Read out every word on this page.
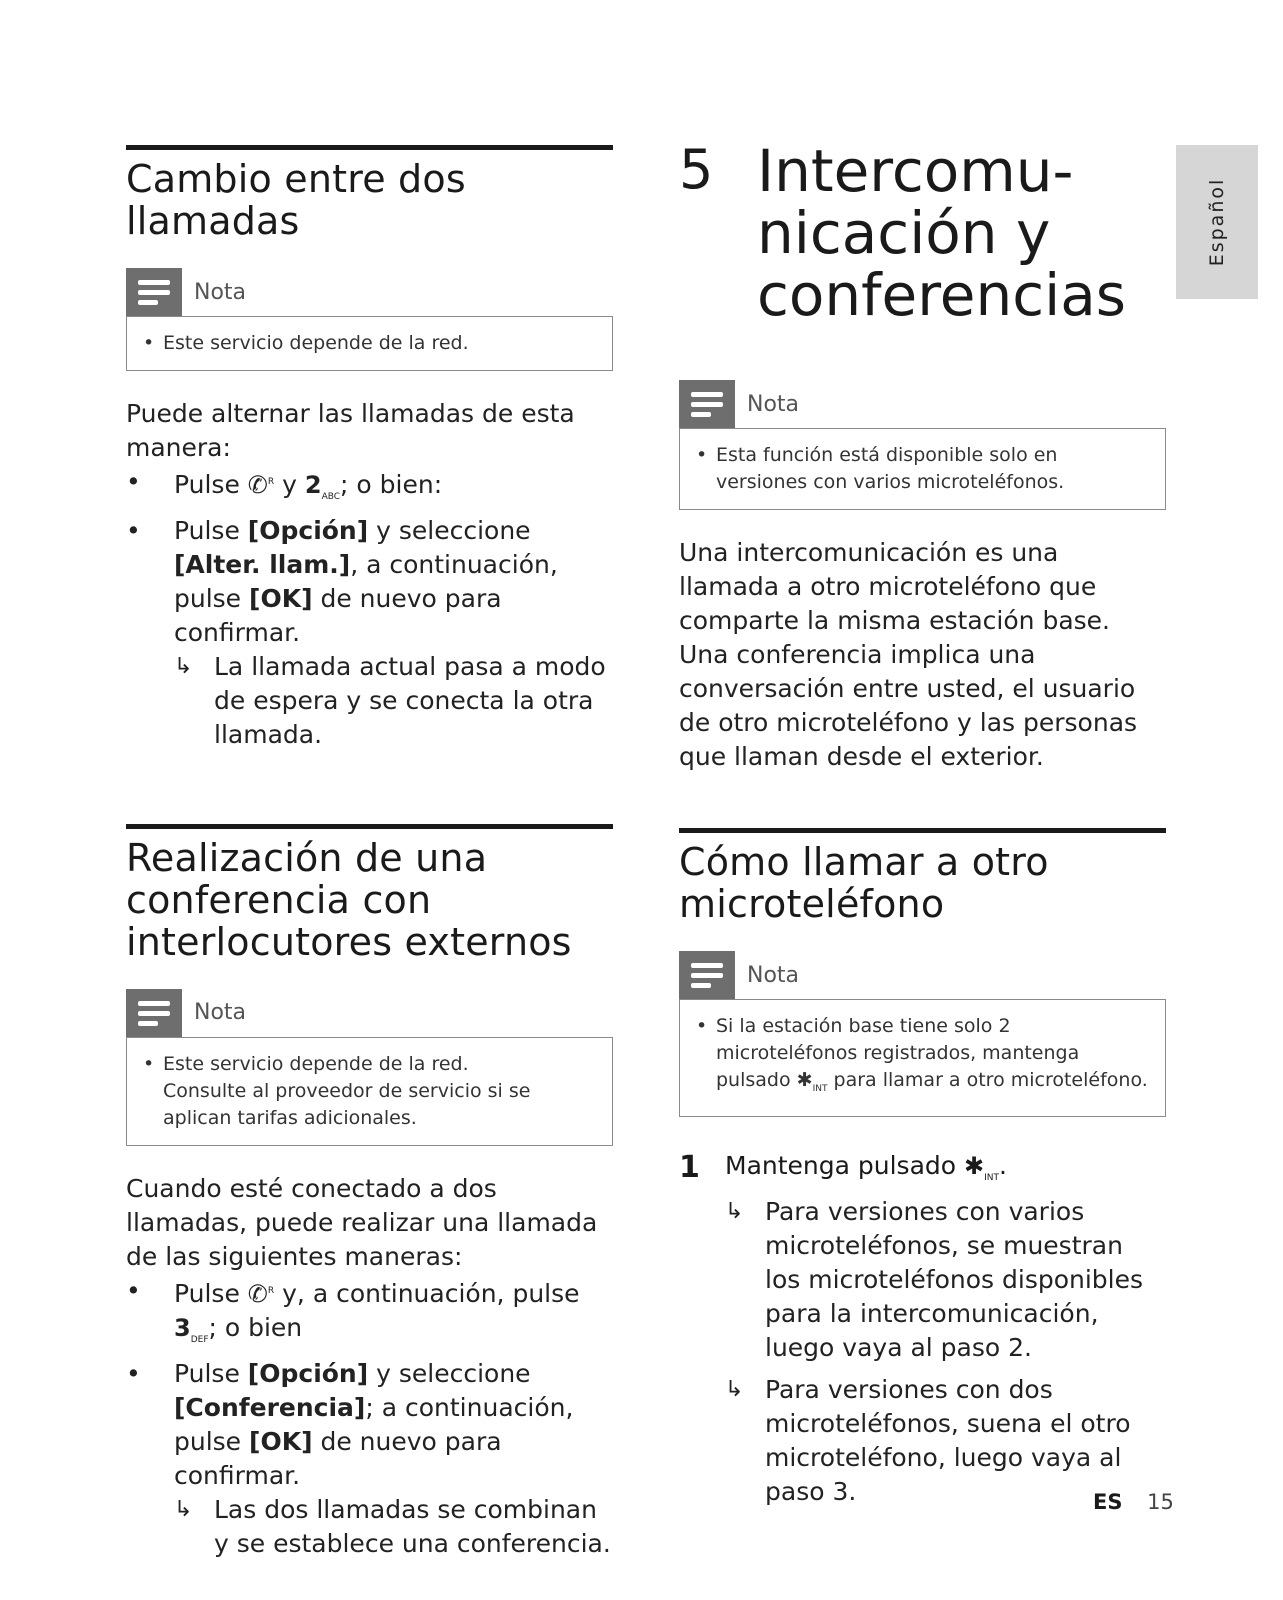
Cambio entre dos llamadas
Nota
• Este servicio depende de la red.

Puede alternar las llamadas de esta manera:

• Pulse ✆$^R$ y $2_{ABC}$; o bien:
• Pulse [Opción] y seleccione [Alter. llam.], a continuación, pulse [OK] de nuevo para confirmar.
↳ La llamada actual pasa a modo de espera y se conecta la otra llamada.
Realización de una conferencia con interlocutores externos
Nota
• Este servicio depende de la red. Consulte al proveedor de servicio si se aplican tarifas adicionales.

Cuando esté conectado a dos llamadas, puede realizar una llamada de las siguientes maneras:

• Pulse ✆$^R$ y, a continuación, pulse $3_{DEF}$; o bien
• Pulse [Opción] y seleccione [Conferencia]; a continuación, pulse [OK] de nuevo para confirmar.
↳ Las dos llamadas se combinan y se establece una conferencia.
5 Intercomu-nicación y conferencias
Nota
• Esta función está disponible solo en versiones con varios microteléfonos.

Una intercomunicación es una llamada a otro microteléfono que comparte la misma estación base. Una conferencia implica una conversación entre usted, el usuario de otro microteléfono y las personas que llaman desde el exterior.

Cómo llamar a otro microteléfono
Nota
• Si la estación base tiene solo 2 microteléfonos registrados, mantenga pulsado $✱_{INT}$ para llamar a otro microteléfono.
1	Mantenga pulsado $✱_{INT}$.
↳ Para versiones con varios microteléfonos, se muestran los microteléfonos disponibles para la intercomunicación, luego vaya al paso 2.
↳ Para versiones con dos microteléfonos, suena el otro microteléfono, luego vaya al paso 3.
Español
ES 15
